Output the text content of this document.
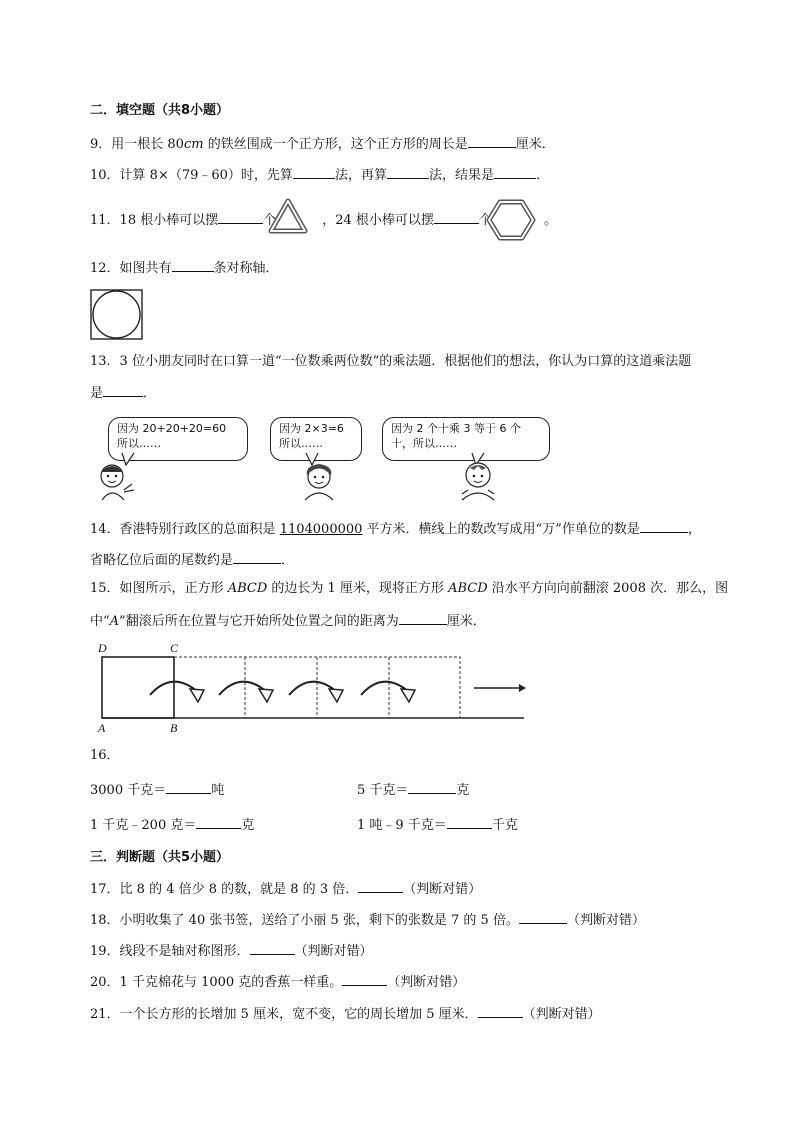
二．填空题（共8小题）
9．用一根长 80cm 的铁丝围成一个正方形，这个正方形的周长是	厘米．
10．计算 8×（79﹣60）时，先算	法，再算	法，结果是	．
11．18 根小棒可以摆	个	，24 根小棒可以摆	个	。
12．如图共有	条对称轴．
13．3 位小朋友同时在口算一道“一位数乘两位数”的乘法题．根据他们的想法，你认为口算的这道乘法题
是	．
因为 20+20+20=60
所以……
因为 2×3=6
所以……
因为 2 个十乘 3 等于 6 个
十，所以……
14．香港特别行政区的总面积是 1104000000 平方米．横线上的数改写成用“万”作单位的数是	，
省略亿位后面的尾数约是	．
15．如图所示，正方形 ABCD 的边长为 1 厘米，现将正方形 ABCD 沿水平方向向前翻滚 2008 次．那么，图
中“A”翻滚后所在位置与它开始所处位置之间的距离为	厘米．
D	C
A	B
16．
3000 千克＝	吨	5 千克＝	克
1 千克﹣200 克＝	克	1 吨﹣9 千克＝	千克
三．判断题（共5小题）
17．比 8 的 4 倍少 8 的数，就是 8 的 3 倍．	（判断对错）
18．小明收集了 40 张书签，送给了小丽 5 张，剩下的张数是 7 的 5 倍。	（判断对错）
19．线段不是轴对称图形．	（判断对错）
20．1 千克棉花与 1000 克的香蕉一样重。	（判断对错）
21．一个长方形的长增加 5 厘米，宽不变，它的周长增加 5 厘米．	（判断对错）
